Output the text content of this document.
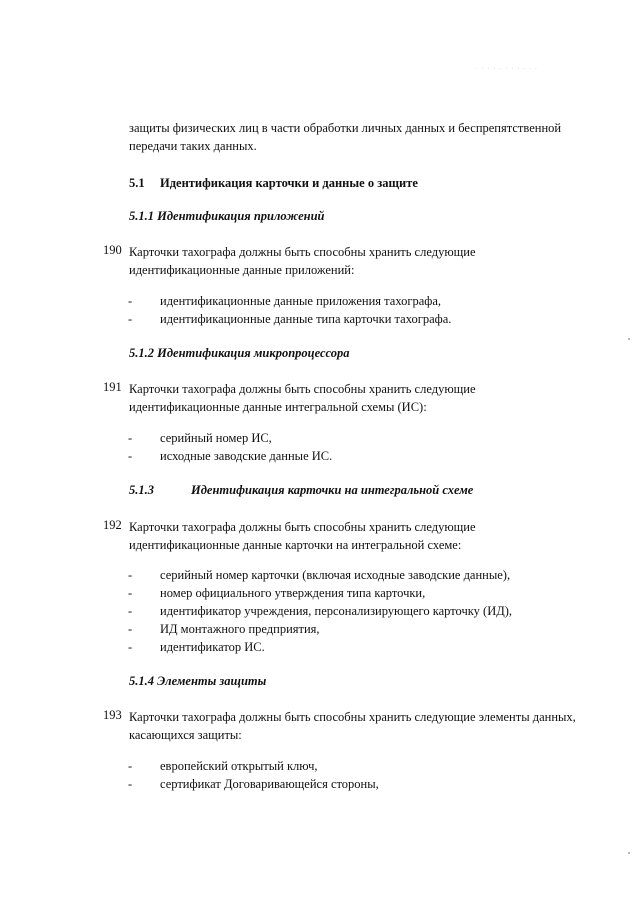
· · · · · · · · · · ·
защиты физических лиц в части обработки личных данных и беспрепятственной
передачи таких данных.
5.1 Идентификация карточки и данные о защите
5.1.1 Идентификация приложений
190 Карточки тахографа должны быть способны хранить следующие
идентификационные данные приложений:
- идентификационные данные приложения тахографа,
- идентификационные данные типа карточки тахографа.
5.1.2 Идентификация микропроцессора
191 Карточки тахографа должны быть способны хранить следующие
идентификационные данные интегральной схемы (ИС):
- серийный номер ИС,
- исходные заводские данные ИС.
5.1.3	Идентификация карточки на интегральной схеме
192 Карточки тахографа должны быть способны хранить следующие
идентификационные данные карточки на интегральной схеме:
- серийный номер карточки (включая исходные заводские данные),
- номер официального утверждения типа карточки,
- идентификатор учреждения, персонализирующего карточку (ИД),
- ИД монтажного предприятия,
- идентификатор ИС.
5.1.4 Элементы защиты
193 Карточки тахографа должны быть способны хранить следующие элементы данных,
касающихся защиты:
- европейский открытый ключ,
- сертификат Договаривающейся стороны,
